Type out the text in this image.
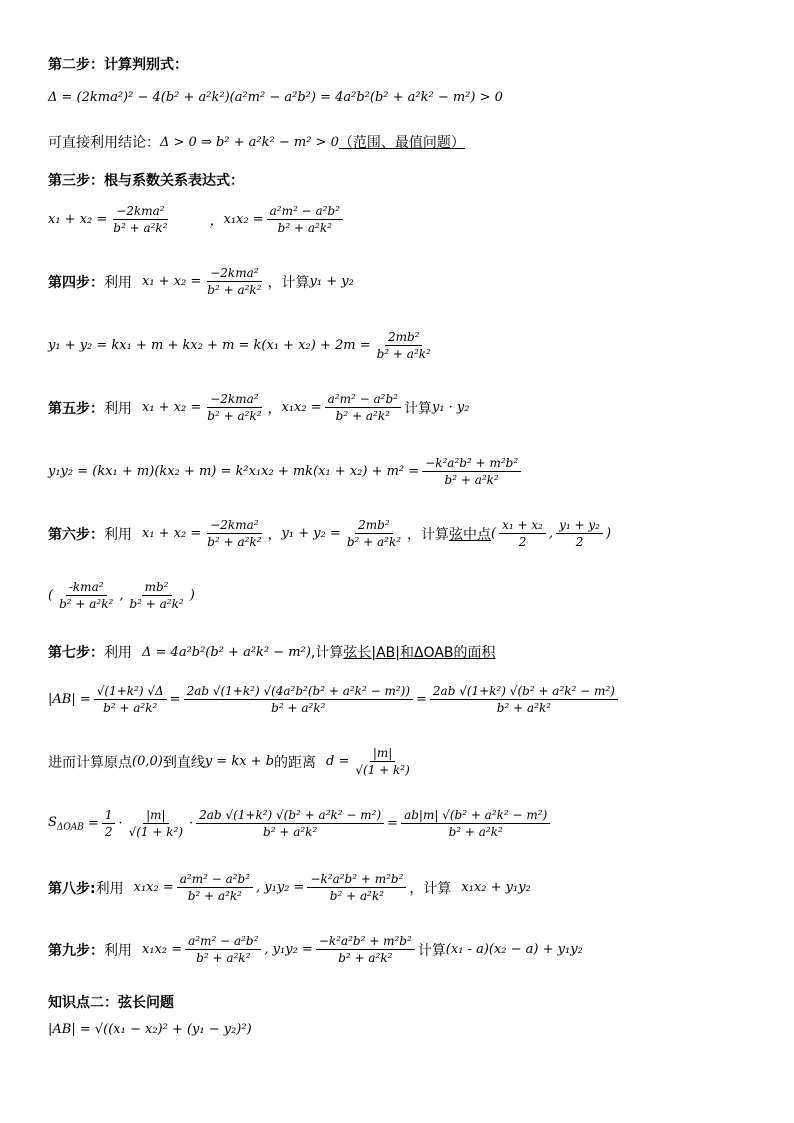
第二步：计算判别式：
Δ = (2kma²)² − 4(b² + a²k²)(a²m² − a²b²) = 4a²b²(b² + a²k² − m²) > 0
可直接利用结论： Δ > 0 ⇒ b² + a²k² − m² > 0 （范围、最值问题）
第三步：根与系数关系表达式：
$x_1 + x_2 = \frac{\text{−2kma²}}{\text{b² + a²k²}}$	， $x_1x_2 = \frac{\text{a²m² − a²b²}}{\text{b² + a²k²}}$
第四步： 利用 $x_1 + x_2 = \frac{\text{−2kma²}}{\text{b² + a²k²}}$ ，计算 y₁ + y₂
$y_1 + y_2 = kx_1 + m + kx_2 + m = k(x_1 + x_2) + 2m = \frac{\text{2mb²}}{\text{b² + a²k²}}$
第五步： 利用 $x_1 + x_2 = \frac{\text{−2kma²}}{\text{b² + a²k²}}$ ， $x_1x_2 = \frac{\text{a²m² − a²b²}}{\text{b² + a²k²}}$ 计算 y₁ · y₂
$y_1y_2 = (kx_1 + m)(kx_2 + m) = k^2x_1x_2 + mk(x_1 + x_2) + m^2 = \frac{\text{−k²a²b² + m²b²}}{\text{b² + a²k²}}$
第六步： 利用 $x_1 + x_2 = \frac{\text{−2kma²}}{\text{b² + a²k²}}$ ， $y_1 + y_2 = \frac{\text{2mb²}}{\text{b² + a²k²}}$ ，计算 弦中点 ( $\frac{\text{x₁ + x₂}}{2}$ , $\frac{\text{y₁ + y₂}}{2}$ )
( $\frac{\text{-kma²}}{\text{b² + a²k²}}$ , $\frac{\text{mb²}}{\text{b² + a²k²}}$ )
第七步： 利用 Δ = 4a²b²(b² + a²k² − m²) ,计算 弦长|AB|和ΔOAB的面积
$|AB| = \frac{\text{√(1+k²) √Δ}}{\text{b² + a²k²}} = \frac{\text{2ab √(1+k²) √(4a²b²(b² + a²k² − m²))}}{\text{b² + a²k²}} = \frac{\text{2ab √(1+k²) √(b² + a²k² − m²)}}{\text{b² + a²k²}}$
进而计算原点 (0,0) 到直线 y = kx + b 的距离 $d = \frac{|m|}{\text{√(1 + k²)}}$
$S_{\Delta OAB} = \frac{1}{2} \cdot \frac{|m|}{\text{√(1 + k²)}} \cdot \frac{\text{2ab √(1+k²) √(b² + a²k² − m²)}}{\text{b² + a²k²}} = \frac{\text{ab|m| √(b² + a²k² − m²)}}{\text{b² + a²k²}}$
第八步: 利用 $x_1x_2 = \frac{\text{a²m² − a²b²}}{\text{b² + a²k²}}$ , $y_1y_2 = \frac{\text{−k²a²b² + m²b²}}{\text{b² + a²k²}}$ ，计算 x₁x₂ + y₁y₂
第九步： 利用 $x_1x_2 = \frac{\text{a²m² − a²b²}}{\text{b² + a²k²}}$ , $y_1y_2 = \frac{\text{−k²a²b² + m²b²}}{\text{b² + a²k²}}$ 计算 (x₁ - a)(x₂ − a) + y₁y₂
知识点二：弦长问题
|AB| = √((x₁ − x₂)² + (y₁ − y₂)²)
